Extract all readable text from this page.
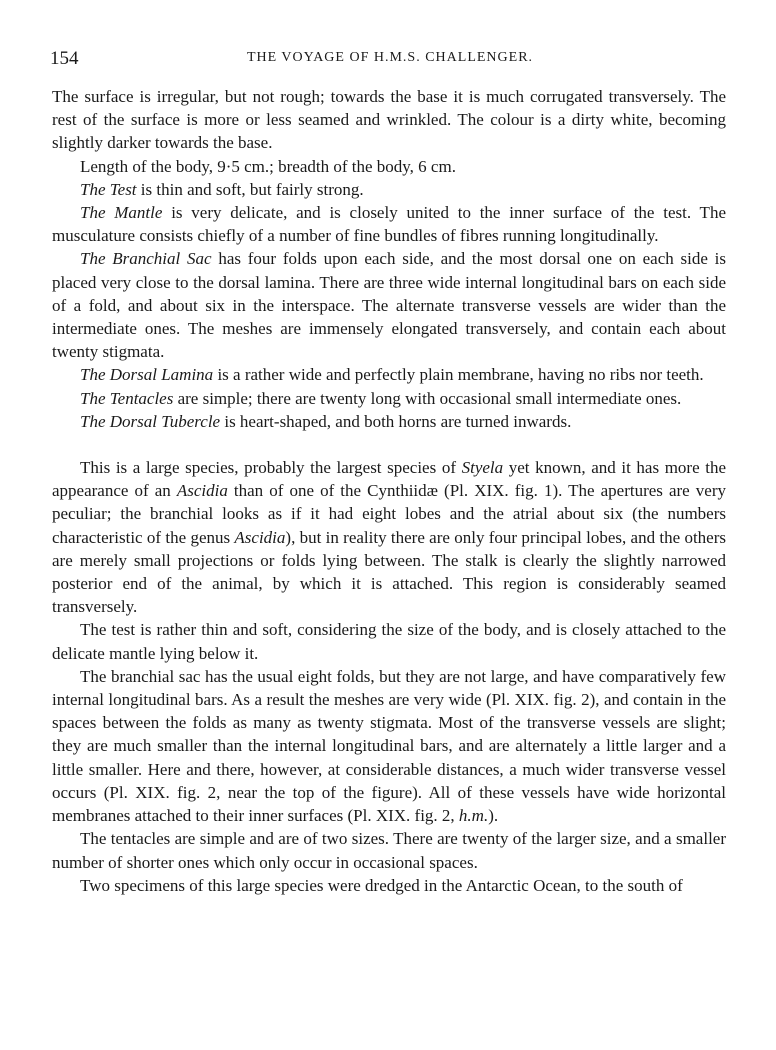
154	THE VOYAGE OF H.M.S. CHALLENGER.

The surface is irregular, but not rough; towards the base it is much corrugated transversely. The rest of the surface is more or less seamed and wrinkled. The colour is a dirty white, becoming slightly darker towards the base.

Length of the body, 9·5 cm.; breadth of the body, 6 cm.

The Test is thin and soft, but fairly strong.

The Mantle is very delicate, and is closely united to the inner surface of the test. The musculature consists chiefly of a number of fine bundles of fibres running longitudinally.

The Branchial Sac has four folds upon each side, and the most dorsal one on each side is placed very close to the dorsal lamina. There are three wide internal longitudinal bars on each side of a fold, and about six in the interspace. The alternate transverse vessels are wider than the intermediate ones. The meshes are immensely elongated transversely, and contain each about twenty stigmata.

The Dorsal Lamina is a rather wide and perfectly plain membrane, having no ribs nor teeth.

The Tentacles are simple; there are twenty long with occasional small intermediate ones.

The Dorsal Tubercle is heart-shaped, and both horns are turned inwards.

This is a large species, probably the largest species of Styela yet known, and it has more the appearance of an Ascidia than of one of the Cynthiidæ (Pl. XIX. fig. 1). The apertures are very peculiar; the branchial looks as if it had eight lobes and the atrial about six (the numbers characteristic of the genus Ascidia), but in reality there are only four principal lobes, and the others are merely small projections or folds lying between. The stalk is clearly the slightly narrowed posterior end of the animal, by which it is attached. This region is considerably seamed transversely.

The test is rather thin and soft, considering the size of the body, and is closely attached to the delicate mantle lying below it.

The branchial sac has the usual eight folds, but they are not large, and have comparatively few internal longitudinal bars. As a result the meshes are very wide (Pl. XIX. fig. 2), and contain in the spaces between the folds as many as twenty stigmata. Most of the transverse vessels are slight; they are much smaller than the internal longitudinal bars, and are alternately a little larger and a little smaller. Here and there, however, at considerable distances, a much wider transverse vessel occurs (Pl. XIX. fig. 2, near the top of the figure). All of these vessels have wide horizontal membranes attached to their inner surfaces (Pl. XIX. fig. 2, h.m.).

The tentacles are simple and are of two sizes. There are twenty of the larger size, and a smaller number of shorter ones which only occur in occasional spaces.

Two specimens of this large species were dredged in the Antarctic Ocean, to the south of
